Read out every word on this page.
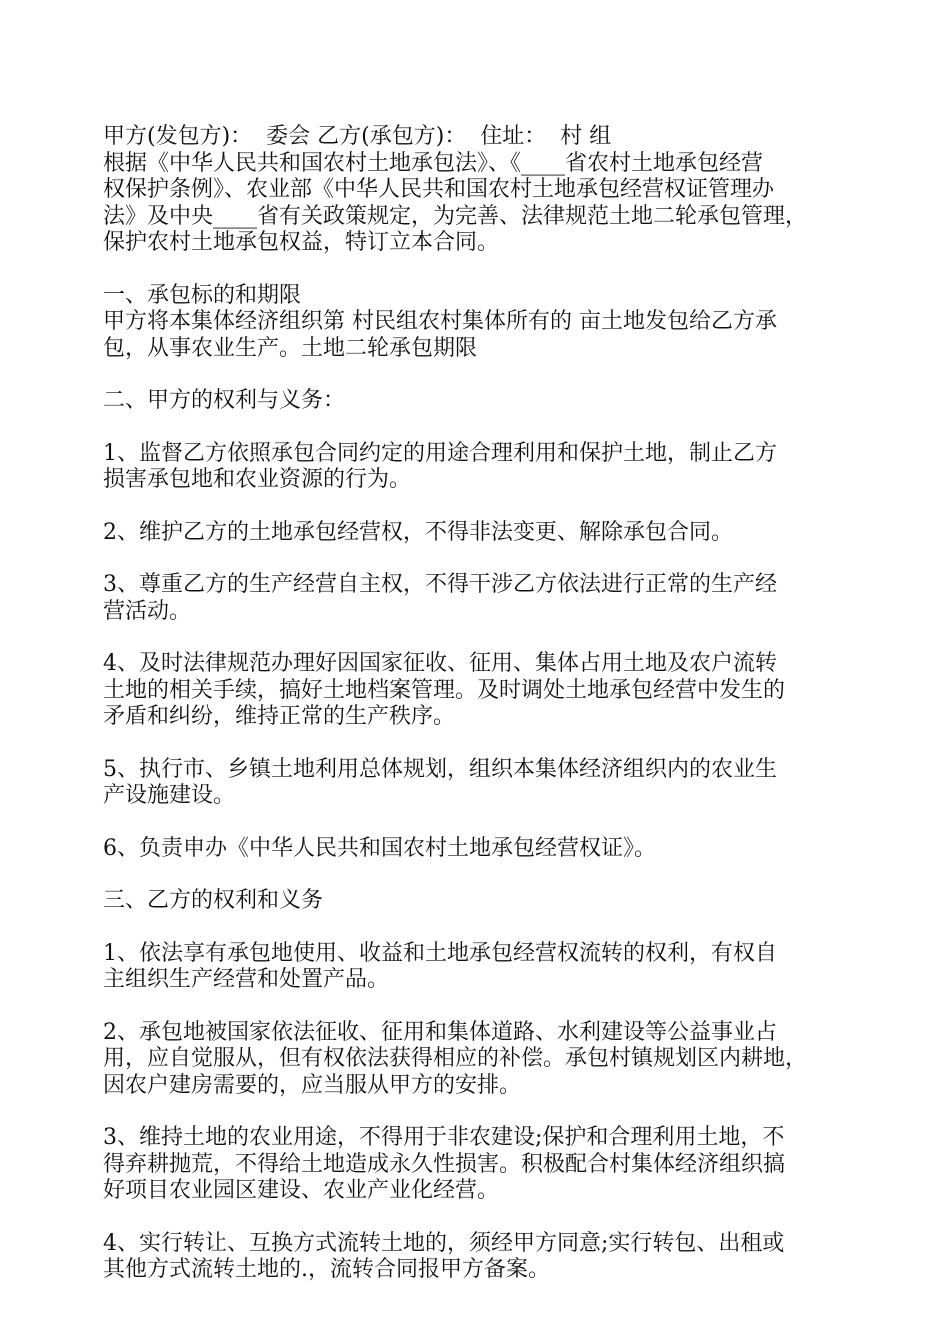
甲方(发包方)：  委会 乙方(承包方)：  住址：  村 组
根据《中华人民共和国农村土地承包法》、《____省农村土地承包经营
权保护条例》、农业部《中华人民共和国农村土地承包经营权证管理办
法》及中央____省有关政策规定，为完善、法律规范土地二轮承包管理，
保护农村土地承包权益，特订立本合同。
一、承包标的和期限
甲方将本集体经济组织第 村民组农村集体所有的 亩土地发包给乙方承
包，从事农业生产。土地二轮承包期限
二、甲方的权利与义务：
1、监督乙方依照承包合同约定的用途合理利用和保护土地，制止乙方
损害承包地和农业资源的行为。
2、维护乙方的土地承包经营权，不得非法变更、解除承包合同。
3、尊重乙方的生产经营自主权，不得干涉乙方依法进行正常的生产经
营活动。
4、及时法律规范办理好因国家征收、征用、集体占用土地及农户流转
土地的相关手续，搞好土地档案管理。及时调处土地承包经营中发生的
矛盾和纠纷，维持正常的生产秩序。
5、执行市、乡镇土地利用总体规划，组织本集体经济组织内的农业生
产设施建设。
6、负责申办《中华人民共和国农村土地承包经营权证》。
三、乙方的权利和义务
1、依法享有承包地使用、收益和土地承包经营权流转的权利，有权自
主组织生产经营和处置产品。
2、承包地被国家依法征收、征用和集体道路、水利建设等公益事业占
用，应自觉服从，但有权依法获得相应的补偿。承包村镇规划区内耕地，
因农户建房需要的，应当服从甲方的安排。
3、维持土地的农业用途，不得用于非农建设;保护和合理利用土地，不
得弃耕抛荒，不得给土地造成永久性损害。积极配合村集体经济组织搞
好项目农业园区建设、农业产业化经营。
4、实行转让、互换方式流转土地的，须经甲方同意;实行转包、出租或
其他方式流转土地的.，流转合同报甲方备案。
